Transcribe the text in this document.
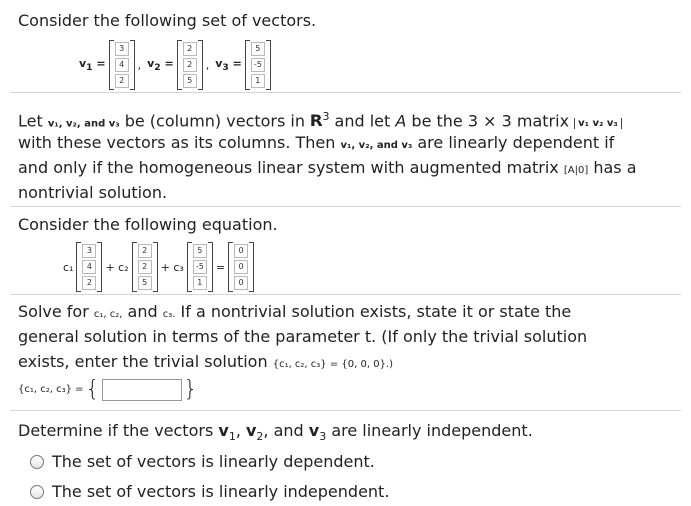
Consider the following set of vectors.
$v_1$ =
3
4
2
, $v_2$ =
2
2
5
, $v_3$ =
5
-5
1
Let v₁, v₂, and v₃ be (column) vectors in $R^3$ and let A be the 3 × 3 matrix v₁ v₂ v₃
with these vectors as its columns. Then v₁, v₂, and v₃ are linearly dependent if
and only if the homogeneous linear system with augmented matrix [A|0] has a
nontrivial solution.
Consider the following equation.
c₁
3
4
2
+ c₂
2
2
5
+ c₃
5
-5
1
=
0
0
0
Solve for c₁, c₂, and c₃. If a nontrivial solution exists, state it or state the
general solution in terms of the parameter t. (If only the trivial solution
exists, enter the trivial solution {c₁, c₂, c₃} = {0, 0, 0}.)
{c₁, c₂, c₃} = {	}
Determine if the vectors $v_1$, $v_2$, and $v_3$ are linearly independent.
The set of vectors is linearly dependent.
The set of vectors is linearly independent.
